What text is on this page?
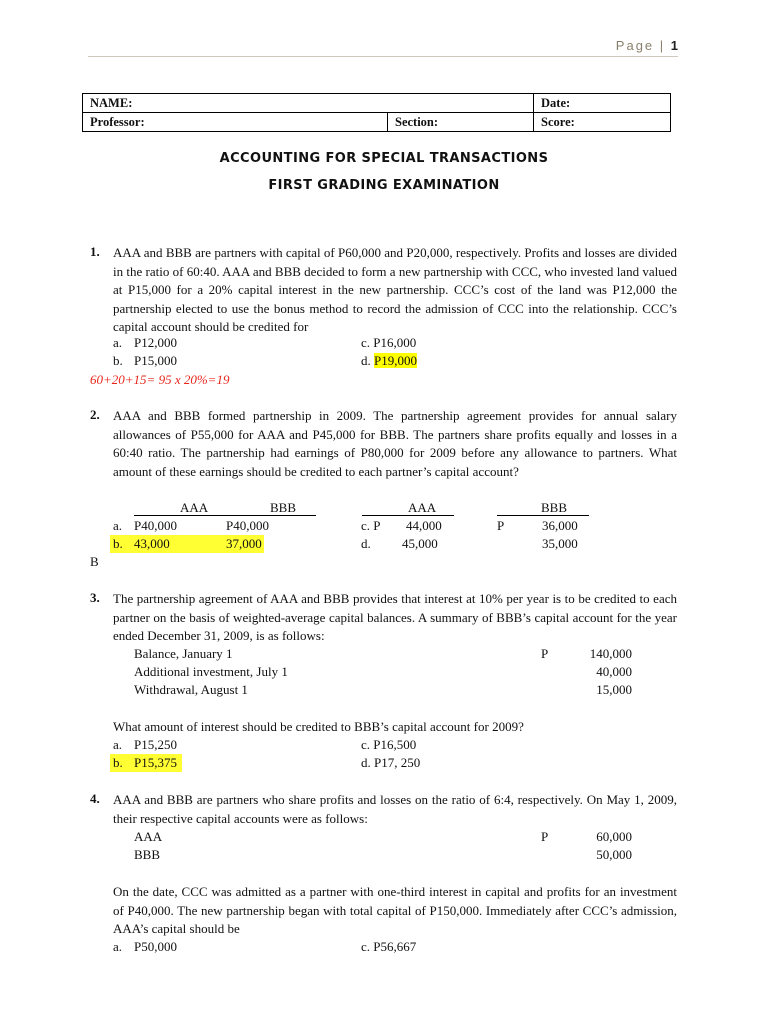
Page | 1
NAME:		Date:
Professor:	Section:	Score:
ACCOUNTING FOR SPECIAL TRANSACTIONS
FIRST GRADING EXAMINATION
1. AAA and BBB are partners with capital of P60,000 and P20,000, respectively. Profits and losses are divided in the ratio of 60:40. AAA and BBB decided to form a new partnership with CCC, who invested land valued at P15,000 for a 20% capital interest in the new partnership. CCC’s cost of the land was P12,000 the partnership elected to use the bonus method to record the admission of CCC into the relationship. CCC’s capital account should be credited for
a. P12,000
b. P15,000
c. P16,000
d. P19,000
60+20+15= 95 x 20%=19
2. AAA and BBB formed partnership in 2009. The partnership agreement provides for annual salary allowances of P55,000 for AAA and P45,000 for BBB. The partners share profits equally and losses in a 60:40 ratio. The partnership had earnings of P80,000 for 2009 before any allowance to partners. What amount of these earnings should be credited to each partner’s capital account?
AAA	BBB	AAA	BBB
a. P40,000	P40,000	c. P 44,000	P	36,000
b. 43,000	37,000	d. 45,000	35,000
B
3. The partnership agreement of AAA and BBB provides that interest at 10% per year is to be credited to each partner on the basis of weighted-average capital balances. A summary of BBB’s capital account for the year ended December 31, 2009, is as follows:
Balance, January 1	P	140,000
Additional investment, July 1	40,000
Withdrawal, August 1	15,000
What amount of interest should be credited to BBB’s capital account for 2009?
a. P15,250
b. P15,375
c. P16,500
d. P17, 250
4. AAA and BBB are partners who share profits and losses on the ratio of 6:4, respectively. On May 1, 2009, their respective capital accounts were as follows:
AAA	P	60,000
BBB	50,000
On the date, CCC was admitted as a partner with one-third interest in capital and profits for an investment of P40,000. The new partnership began with total capital of P150,000. Immediately after CCC’s admission, AAA’s capital should be
a. P50,000	c. P56,667
